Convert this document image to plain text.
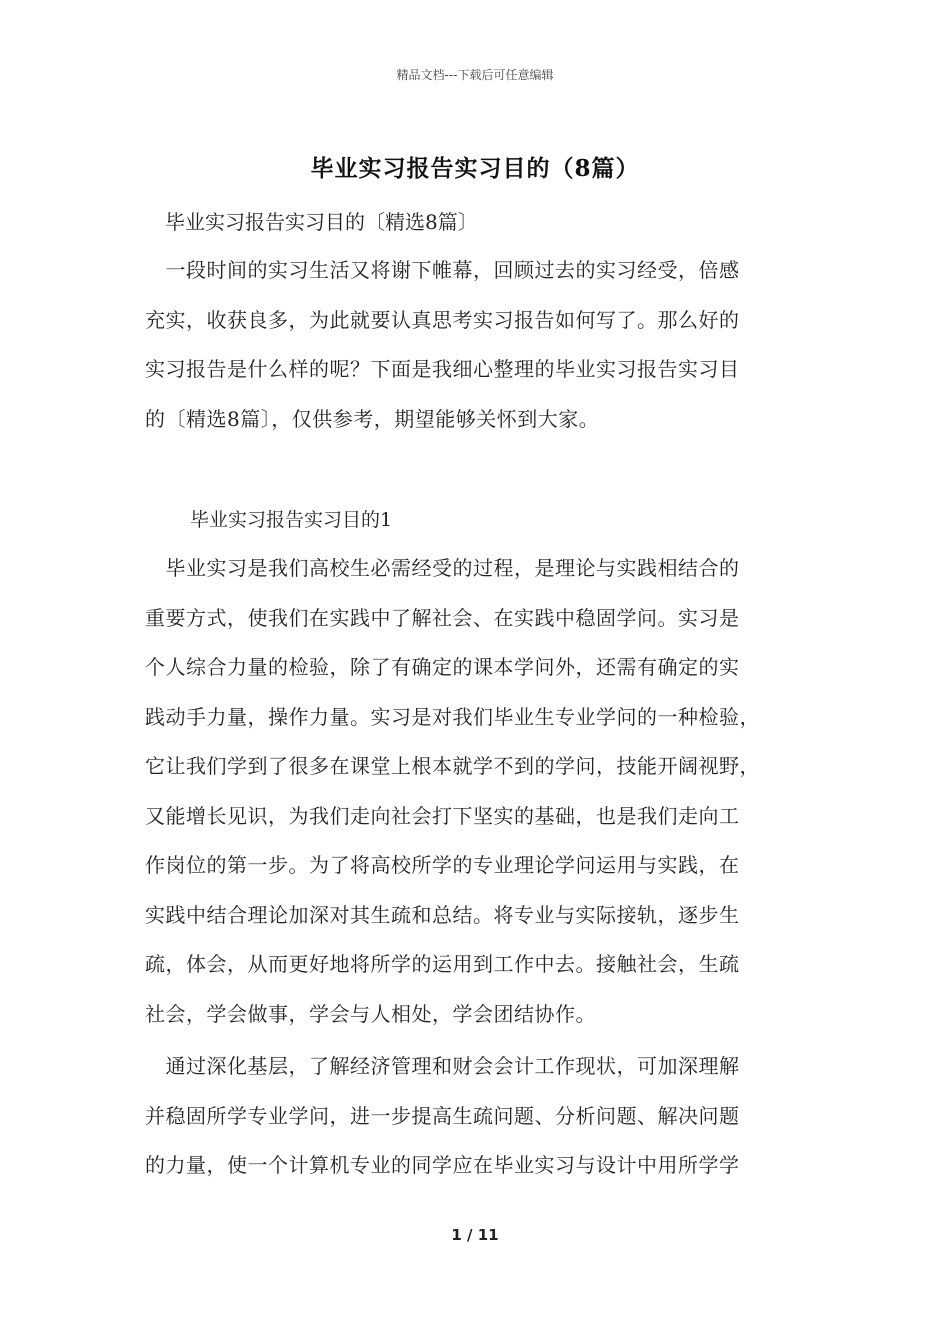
精品文档---下载后可任意编辑
毕业实习报告实习目的（8篇）
毕业实习报告实习目的〔精选8篇〕
　一段时间的实习生活又将谢下帷幕，回顾过去的实习经受，倍感
充实，收获良多，为此就要认真思考实习报告如何写了。那么好的
实习报告是什么样的呢？下面是我细心整理的毕业实习报告实习目
的〔精选8篇〕，仅供参考，期望能够关怀到大家。
毕业实习报告实习目的1
　毕业实习是我们高校生必需经受的过程，是理论与实践相结合的
重要方式，使我们在实践中了解社会、在实践中稳固学问。实习是
个人综合力量的检验，除了有确定的课本学问外，还需有确定的实
践动手力量，操作力量。实习是对我们毕业生专业学问的一种检验，
它让我们学到了很多在课堂上根本就学不到的学问，技能开阔视野，
又能增长见识，为我们走向社会打下坚实的基础，也是我们走向工
作岗位的第一步。为了将高校所学的专业理论学问运用与实践，在
实践中结合理论加深对其生疏和总结。将专业与实际接轨，逐步生
疏，体会，从而更好地将所学的运用到工作中去。接触社会，生疏
社会，学会做事，学会与人相处，学会团结协作。
　通过深化基层，了解经济管理和财会会计工作现状，可加深理解
并稳固所学专业学问，进一步提高生疏问题、分析问题、解决问题
的力量，使一个计算机专业的同学应在毕业实习与设计中用所学学
1 / 11
